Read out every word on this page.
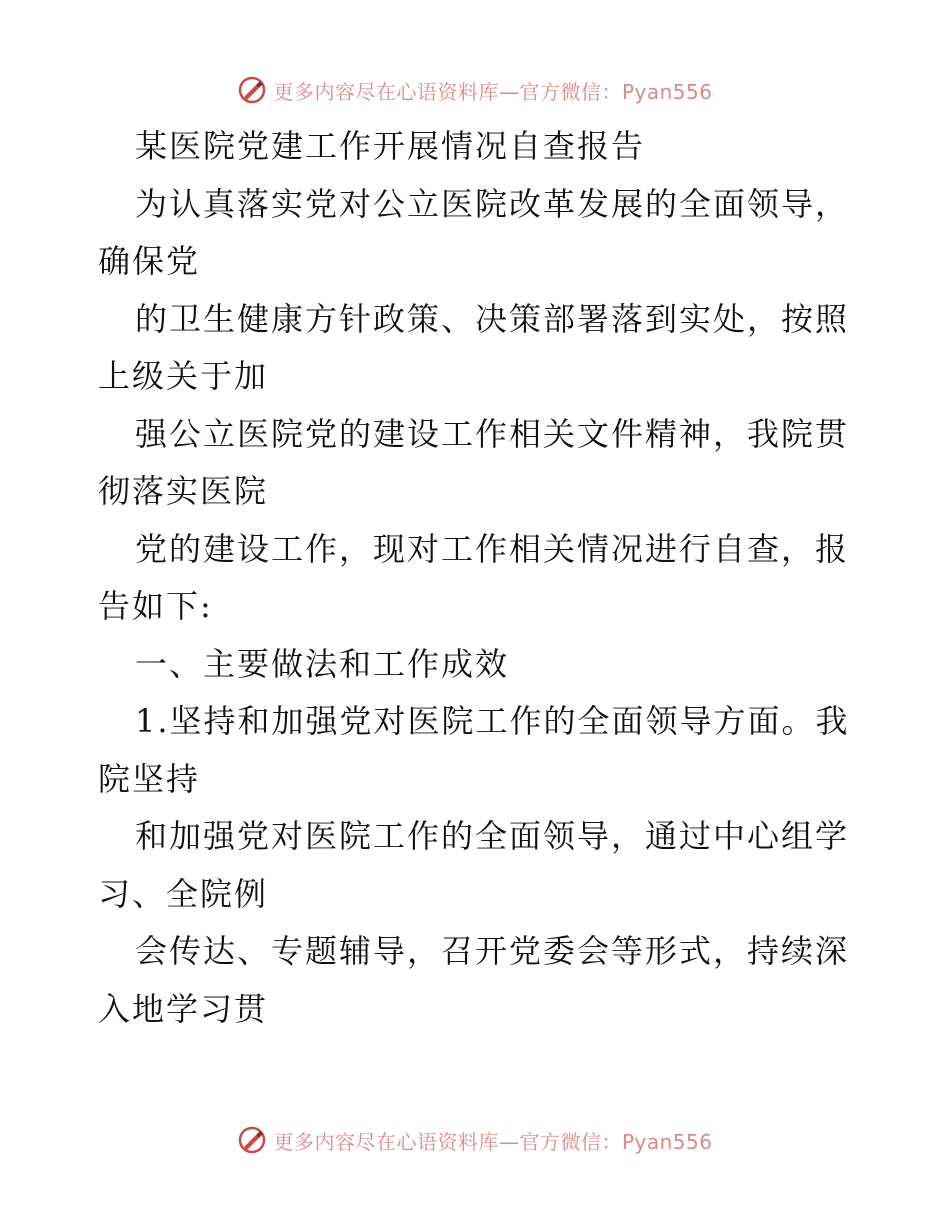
更多内容尽在心语资料库—官方微信：Pyan556
某医院党建工作开展情况自查报告
为认真落实党对公立医院改革发展的全面领导，
确保党
的卫生健康方针政策、决策部署落到实处，按照
上级关于加
强公立医院党的建设工作相关文件精神，我院贯
彻落实医院
党的建设工作，现对工作相关情况进行自查，报
告如下:
一、主要做法和工作成效
1.坚持和加强党对医院工作的全面领导方面。我
院坚持
和加强党对医院工作的全面领导，通过中心组学
习、全院例
会传达、专题辅导，召开党委会等形式，持续深
入地学习贯
更多内容尽在心语资料库—官方微信：Pyan556
